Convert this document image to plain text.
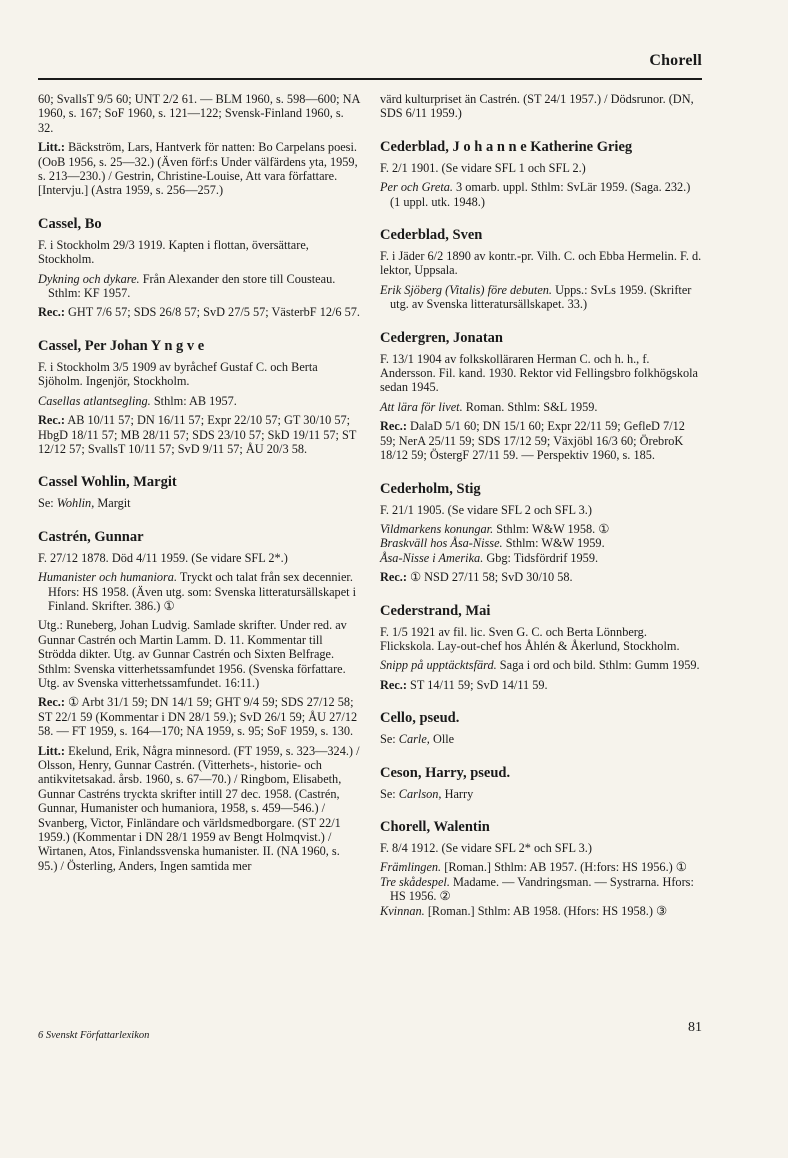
Chorell

60; SvallsT 9/5 60; UNT 2/2 61. — BLM 1960, s. 598—600; NA 1960, s. 167; SoF 1960, s. 121—122; Svensk-Finland 1960, s. 32.

Litt.: Bäckström, Lars, Hantverk för natten: Bo Carpelans poesi. (OoB 1956, s. 25—32.) (Även förf:s Under välfärdens yta, 1959, s. 213—230.) / Gestrin, Christine-Louise, Att vara författare. [Intervju.] (Astra 1959, s. 256—257.)

Cassel, Bo

F. i Stockholm 29/3 1919. Kapten i flottan, översättare, Stockholm.

Dykning och dykare. Från Alexander den store till Cousteau. Sthlm: KF 1957.

Rec.: GHT 7/6 57; SDS 26/8 57; SvD 27/5 57; VästerbF 12/6 57.

Cassel, Per Johan Y n g v e

F. i Stockholm 3/5 1909 av byråchef Gustaf C. och Berta Sjöholm. Ingenjör, Stockholm.

Casellas atlantsegling. Sthlm: AB 1957.

Rec.: AB 10/11 57; DN 16/11 57; Expr 22/10 57; GT 30/10 57; HbgD 18/11 57; MB 28/11 57; SDS 23/10 57; SkD 19/11 57; ST 12/12 57; SvallsT 10/11 57; SvD 9/11 57; ÅU 20/3 58.

Cassel Wohlin, Margit

Se: Wohlin, Margit

Castrén, Gunnar

F. 27/12 1878. Död 4/11 1959. (Se vidare SFL 2*.)

Humanister och humaniora. Tryckt och talat från sex decennier. Hfors: HS 1958. (Även utg. som: Svenska litteratursällskapet i Finland. Skrifter. 386.) ①

Utg.: Runeberg, Johan Ludvig. Samlade skrifter. Under red. av Gunnar Castrén och Martin Lamm. D. 11. Kommentar till Strödda dikter. Utg. av Gunnar Castrén och Sixten Belfrage. Sthlm: Svenska vitterhetssamfundet 1956. (Svenska författare. Utg. av Svenska vitterhetssamfundet. 16:11.)

Rec.: ① Arbt 31/1 59; DN 14/1 59; GHT 9/4 59; SDS 27/12 58; ST 22/1 59 (Kommentar i DN 28/1 59.); SvD 26/1 59; ÅU 27/12 58. — FT 1959, s. 164—170; NA 1959, s. 95; SoF 1959, s. 130.

Litt.: Ekelund, Erik, Några minnesord. (FT 1959, s. 323—324.) / Olsson, Henry, Gunnar Castrén. (Vitterhets-, historie- och antikvitetsakad. årsb. 1960, s. 67—70.) / Ringbom, Elisabeth, Gunnar Castréns tryckta skrifter intill 27 dec. 1958. (Castrén, Gunnar, Humanister och humaniora, 1958, s. 459—546.) / Svanberg, Victor, Finländare och världsmedborgare. (ST 22/1 1959.) (Kommentar i DN 28/1 1959 av Bengt Holmqvist.) / Wirtanen, Atos, Finlandssvenska humanister. II. (NA 1960, s. 95.) / Österling, Anders, Ingen samtida mer

värd kulturpriset än Castrén. (ST 24/1 1957.) / Dödsrunor. (DN, SDS 6/11 1959.)

Cederblad, J o h a n n e Katherine Grieg

F. 2/1 1901. (Se vidare SFL 1 och SFL 2.)

Per och Greta. 3 omarb. uppl. Sthlm: SvLär 1959. (Saga. 232.) (1 uppl. utk. 1948.)

Cederblad, Sven

F. i Jäder 6/2 1890 av kontr.-pr. Vilh. C. och Ebba Hermelin. F. d. lektor, Uppsala.

Erik Sjöberg (Vitalis) före debuten. Upps.: SvLs 1959. (Skrifter utg. av Svenska litteratursällskapet. 33.)

Cedergren, Jonatan

F. 13/1 1904 av folkskolläraren Herman C. och h. h., f. Andersson. Fil. kand. 1930. Rektor vid Fellingsbro folkhögskola sedan 1945.

Att lära för livet. Roman. Sthlm: S&L 1959.

Rec.: DalaD 5/1 60; DN 15/1 60; Expr 22/11 59; GefleD 7/12 59; NerA 25/11 59; SDS 17/12 59; Växjöbl 16/3 60; ÖrebroK 18/12 59; ÖstergF 27/11 59. — Perspektiv 1960, s. 185.

Cederholm, Stig

F. 21/1 1905. (Se vidare SFL 2 och SFL 3.)

Vildmarkens konungar. Sthlm: W&W 1958. ①

Braskväll hos Åsa-Nisse. Sthlm: W&W 1959.

Åsa-Nisse i Amerika. Gbg: Tidsfördrif 1959.

Rec.: ① NSD 27/11 58; SvD 30/10 58.

Cederstrand, Mai

F. 1/5 1921 av fil. lic. Sven G. C. och Berta Lönnberg. Flickskola. Lay-out-chef hos Åhlén & Åkerlund, Stockholm.

Snipp på upptäcktsfärd. Saga i ord och bild. Sthlm: Gumm 1959.

Rec.: ST 14/11 59; SvD 14/11 59.

Cello, pseud.

Se: Carle, Olle

Ceson, Harry, pseud.

Se: Carlson, Harry

Chorell, Walentin

F. 8/4 1912. (Se vidare SFL 2* och SFL 3.)

Främlingen. [Roman.] Sthlm: AB 1957. (H:fors: HS 1956.) ①

Tre skådespel. Madame. — Vandringsman. — Systrarna. Hfors: HS 1956. ②

Kvinnan. [Roman.] Sthlm: AB 1958. (Hfors: HS 1958.) ③

6 Svenskt Författarlexikon
81
